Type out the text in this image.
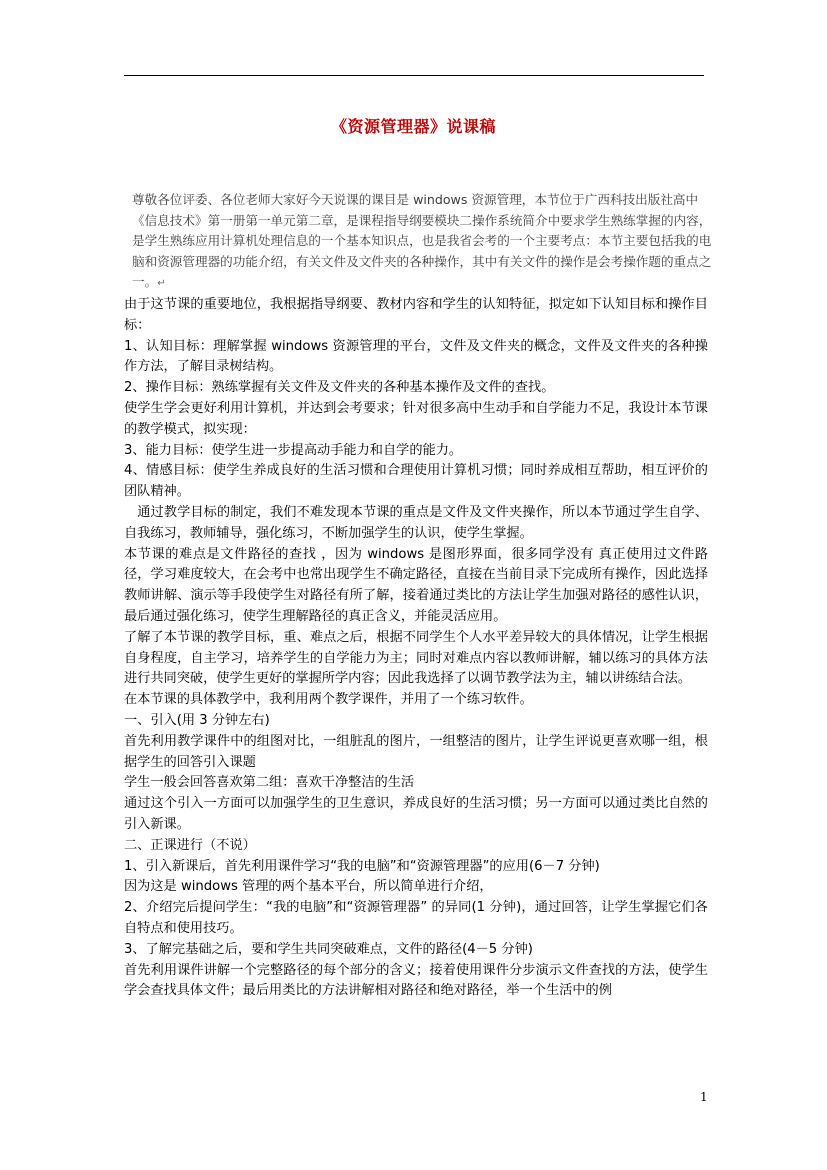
《资源管理器》说课稿

尊敬各位评委、各位老师大家好今天说课的课目是 windows 资源管理，本节位于广西科技出版社高中《信息技术》第一册第一单元第二章，是课程指导纲要模块二操作系统简介中要求学生熟练掌握的内容，是学生熟练应用计算机处理信息的一个基本知识点，也是我省会考的一个主要考点：本节主要包括我的电脑和资源管理器的功能介绍，有关文件及文件夹的各种操作，其中有关文件的操作是会考操作题的重点之一。↵

由于这节课的重要地位，我根据指导纲要、教材内容和学生的认知特征，拟定如下认知目标和操作目标：

1、认知目标：理解掌握 windows 资源管理的平台，文件及文件夹的概念，文件及文件夹的各种操作方法，了解目录树结构。

2、操作目标：熟练掌握有关文件及文件夹的各种基本操作及文件的查找。

使学生学会更好利用计算机，并达到会考要求；针对很多高中生动手和自学能力不足，我设计本节课的教学模式，拟实现：

3、能力目标：使学生进一步提高动手能力和自学的能力。

4、情感目标：使学生养成良好的生活习惯和合理使用计算机习惯；同时养成相互帮助，相互评价的团队精神。

　通过教学目标的制定，我们不难发现本节课的重点是文件及文件夹操作，所以本节通过学生自学、自我练习，教师辅导，强化练习，不断加强学生的认识，使学生掌握。

本节课的难点是文件路径的查找 ，因为 windows 是图形界面，很多同学没有 真正使用过文件路径，学习难度较大，在会考中也常出现学生不确定路径，直接在当前目录下完成所有操作，因此选择教师讲解、演示等手段使学生对路径有所了解，接着通过类比的方法让学生加强对路径的感性认识，最后通过强化练习，使学生理解路径的真正含义，并能灵活应用。

了解了本节课的教学目标，重、难点之后，根据不同学生个人水平差异较大的具体情况，让学生根据自身程度，自主学习，培养学生的自学能力为主；同时对难点内容以教师讲解，辅以练习的具体方法进行共同突破，使学生更好的掌握所学内容；因此我选择了以调节教学法为主，辅以讲练结合法。

在本节课的具体教学中，我利用两个教学课件，并用了一个练习软件。

一、引入(用 3 分钟左右)

首先利用教学课件中的组图对比，一组脏乱的图片，一组整洁的图片，让学生评说更喜欢哪一组，根据学生的回答引入课题

学生一般会回答喜欢第二组：喜欢干净整洁的生活

通过这个引入一方面可以加强学生的卫生意识，养成良好的生活习惯；另一方面可以通过类比自然的引入新课。

二、正课进行（不说）

1、引入新课后，首先利用课件学习“我的电脑”和“资源管理器”的应用(6－7 分钟)

因为这是 windows 管理的两个基本平台，所以简单进行介绍，

2、介绍完后提问学生：“我的电脑”和“资源管理器” 的异同(1 分钟)，通过回答，让学生掌握它们各自特点和使用技巧。

3、了解完基础之后，要和学生共同突破难点，文件的路径(4－5 分钟)

首先利用课件讲解一个完整路径的每个部分的含义；接着使用课件分步演示文件查找的方法，使学生学会查找具体文件；最后用类比的方法讲解相对路径和绝对路径，举一个生活中的例

1
